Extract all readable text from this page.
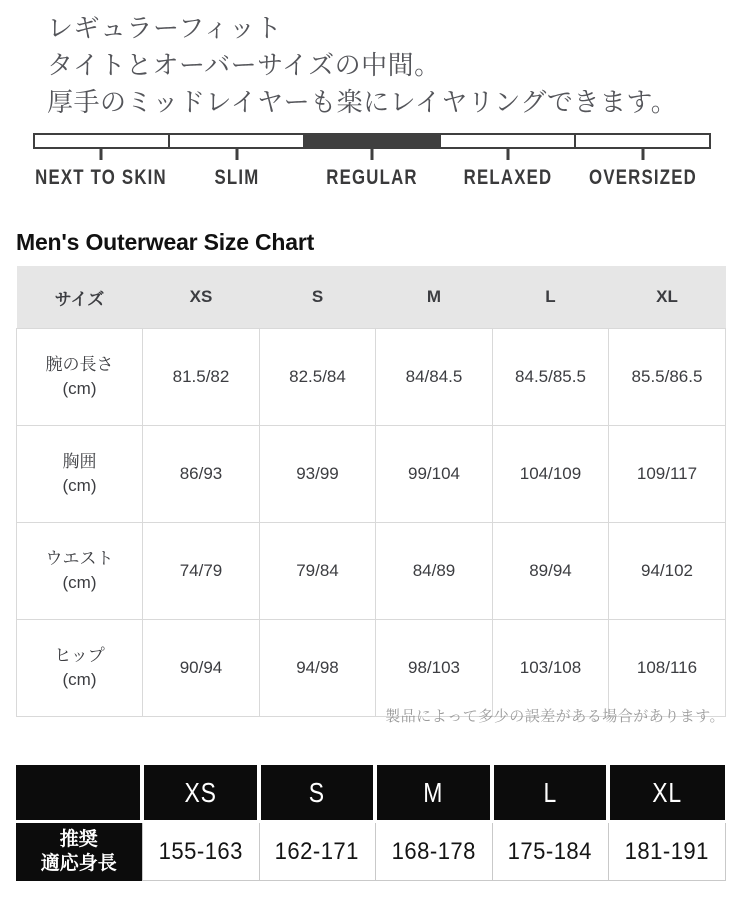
レギュラーフィット
タイトとオーバーサイズの中間。
厚手のミッドレイヤーも楽にレイヤリングできます。
NEXT TO SKIN SLIM	REGULAR RELAXED OVERSIZED
Men's Outerwear Size Chart
サイズ	XS	S	M	L	XL

腕の長さ
(cm)	81.5/82	82.5/84	84/84.5	84.5/85.5	85.5/86.5

胸囲
(cm)	86/93	93/99	99/104	104/109	109/117

ウエスト
(cm)	74/79	79/84	84/89	89/94	94/102

ヒップ
(cm)	90/94	94/98	98/103	103/108	108/116
製品によって多少の誤差がある場合があります。
	XS	S	M	L	XL

推奨
適応身長	155-163	162-171	168-178	175-184	181-191
